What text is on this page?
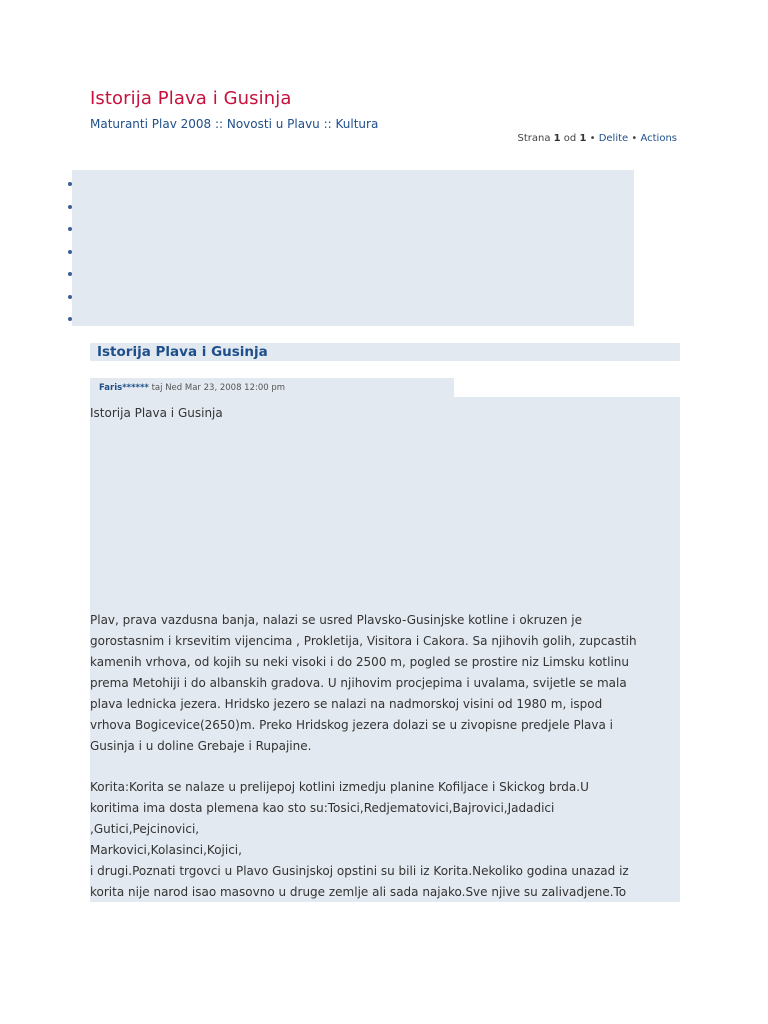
Istorija Plava i Gusinja
Maturanti Plav 2008 :: Novosti u Plavu :: Kultura
Strana 1 od 1 • Delite • Actions
Istorija Plava i Gusinja
Faris****** taj Ned Mar 23, 2008 12:00 pm

Istorija Plava i Gusinja

Plav, prava vazdusna banja, nalazi se usred Plavsko-Gusinjske kotline i okruzen je
gorostasnim i krsevitim vijencima , Prokletija, Visitora i Cakora. Sa njihovih golih, zupcastih
kamenih vrhova, od kojih su neki visoki i do 2500 m, pogled se prostire niz Limsku kotlinu
prema Metohiji i do albanskih gradova. U njihovim procjepima i uvalama, svijetle se mala
plava lednicka jezera. Hridsko jezero se nalazi na nadmorskoj visini od 1980 m, ispod
vrhova Bogicevice(2650)m. Preko Hridskog jezera dolazi se u zivopisne predjele Plava i
Gusinja i u doline Grebaje i Rupajine.
Korita:Korita se nalaze u prelijepoj kotlini izmedju planine Kofiljace i Skickog brda.U
koritima ima dosta plemena kao sto su:Tosici,Redjematovici,Bajrovici,Jadadici
,Gutici,Pejcinovici,
Markovici,Kolasinci,Kojici,
i drugi.Poznati trgovci u Plavo Gusinjskoj opstini su bili iz Korita.Nekoliko godina unazad iz
korita nije narod isao masovno u druge zemlje ali sada najako.Sve njive su zalivadjene.To
